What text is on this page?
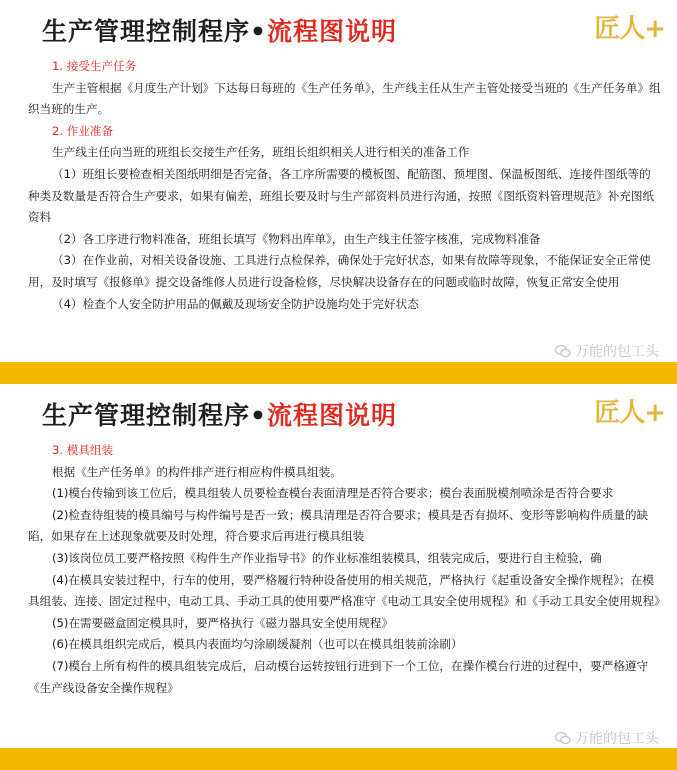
生产管理控制程序•流程图说明	匠人+

1. 接受生产任务

生产主管根据《月度生产计划》下达每日每班的《生产任务单》，生产线主任从生产主管处接受当班的《生产任务单》组织当班的生产。

2. 作业准备

生产线主任向当班的班组长交接生产任务，班组长组织相关人进行相关的准备工作

（1）班组长要检查相关图纸明细是否完备，各工序所需要的模板图、配筋图、预埋图、保温板图纸、连接件图纸等的种类及数量是否符合生产要求，如果有偏差，班组长要及时与生产部资料员进行沟通，按照《图纸资料管理规范》补充图纸资料

（2）各工序进行物料准备，班组长填写《物料出库单》，由生产线主任签字核准，完成物料准备

（3）在作业前，对相关设备设施、工具进行点检保养，确保处于完好状态，如果有故障等现象，不能保证安全正常使用，及时填写《报修单》提交设备维修人员进行设备检修，尽快解决设备存在的问题或临时故障，恢复正常安全使用

（4）检查个人安全防护用品的佩戴及现场安全防护设施均处于完好状态

万能的包工头
生产管理控制程序•流程图说明	匠人+

3. 模具组装

根据《生产任务单》的构件排产进行相应构件模具组装。

(1)模台传输到该工位后，模具组装人员要检查模台表面清理是否符合要求；模台表面脱模剂喷涂是否符合要求

(2)检查待组装的模具编号与构件编号是否一致；模具清理是否符合要求；模具是否有损坏、变形等影响构件质量的缺陷，如果存在上述现象就要及时处理，符合要求后再进行模具组装

(3)该岗位员工要严格按照《构件生产作业指导书》的作业标准组装模具，组装完成后，要进行自主检验，确

(4)在模具安装过程中，行车的使用，要严格履行特种设备使用的相关规范，严格执行《起重设备安全操作规程》；在模具组装、连接、固定过程中，电动工具、手动工具的使用要严格准守《电动工具安全使用规程》和《手动工具安全使用规程》

(5)在需要磁盒固定模具时，要严格执行《磁力器具安全使用规程》

(6)在模具组织完成后，模具内表面均匀涂刷缓凝剂（也可以在模具组装前涂刷）

(7)模台上所有构件的模具组装完成后，启动模台运转按钮行进到下一个工位，在操作模台行进的过程中，要严格遵守《生产线设备安全操作规程》

万能的包工头
